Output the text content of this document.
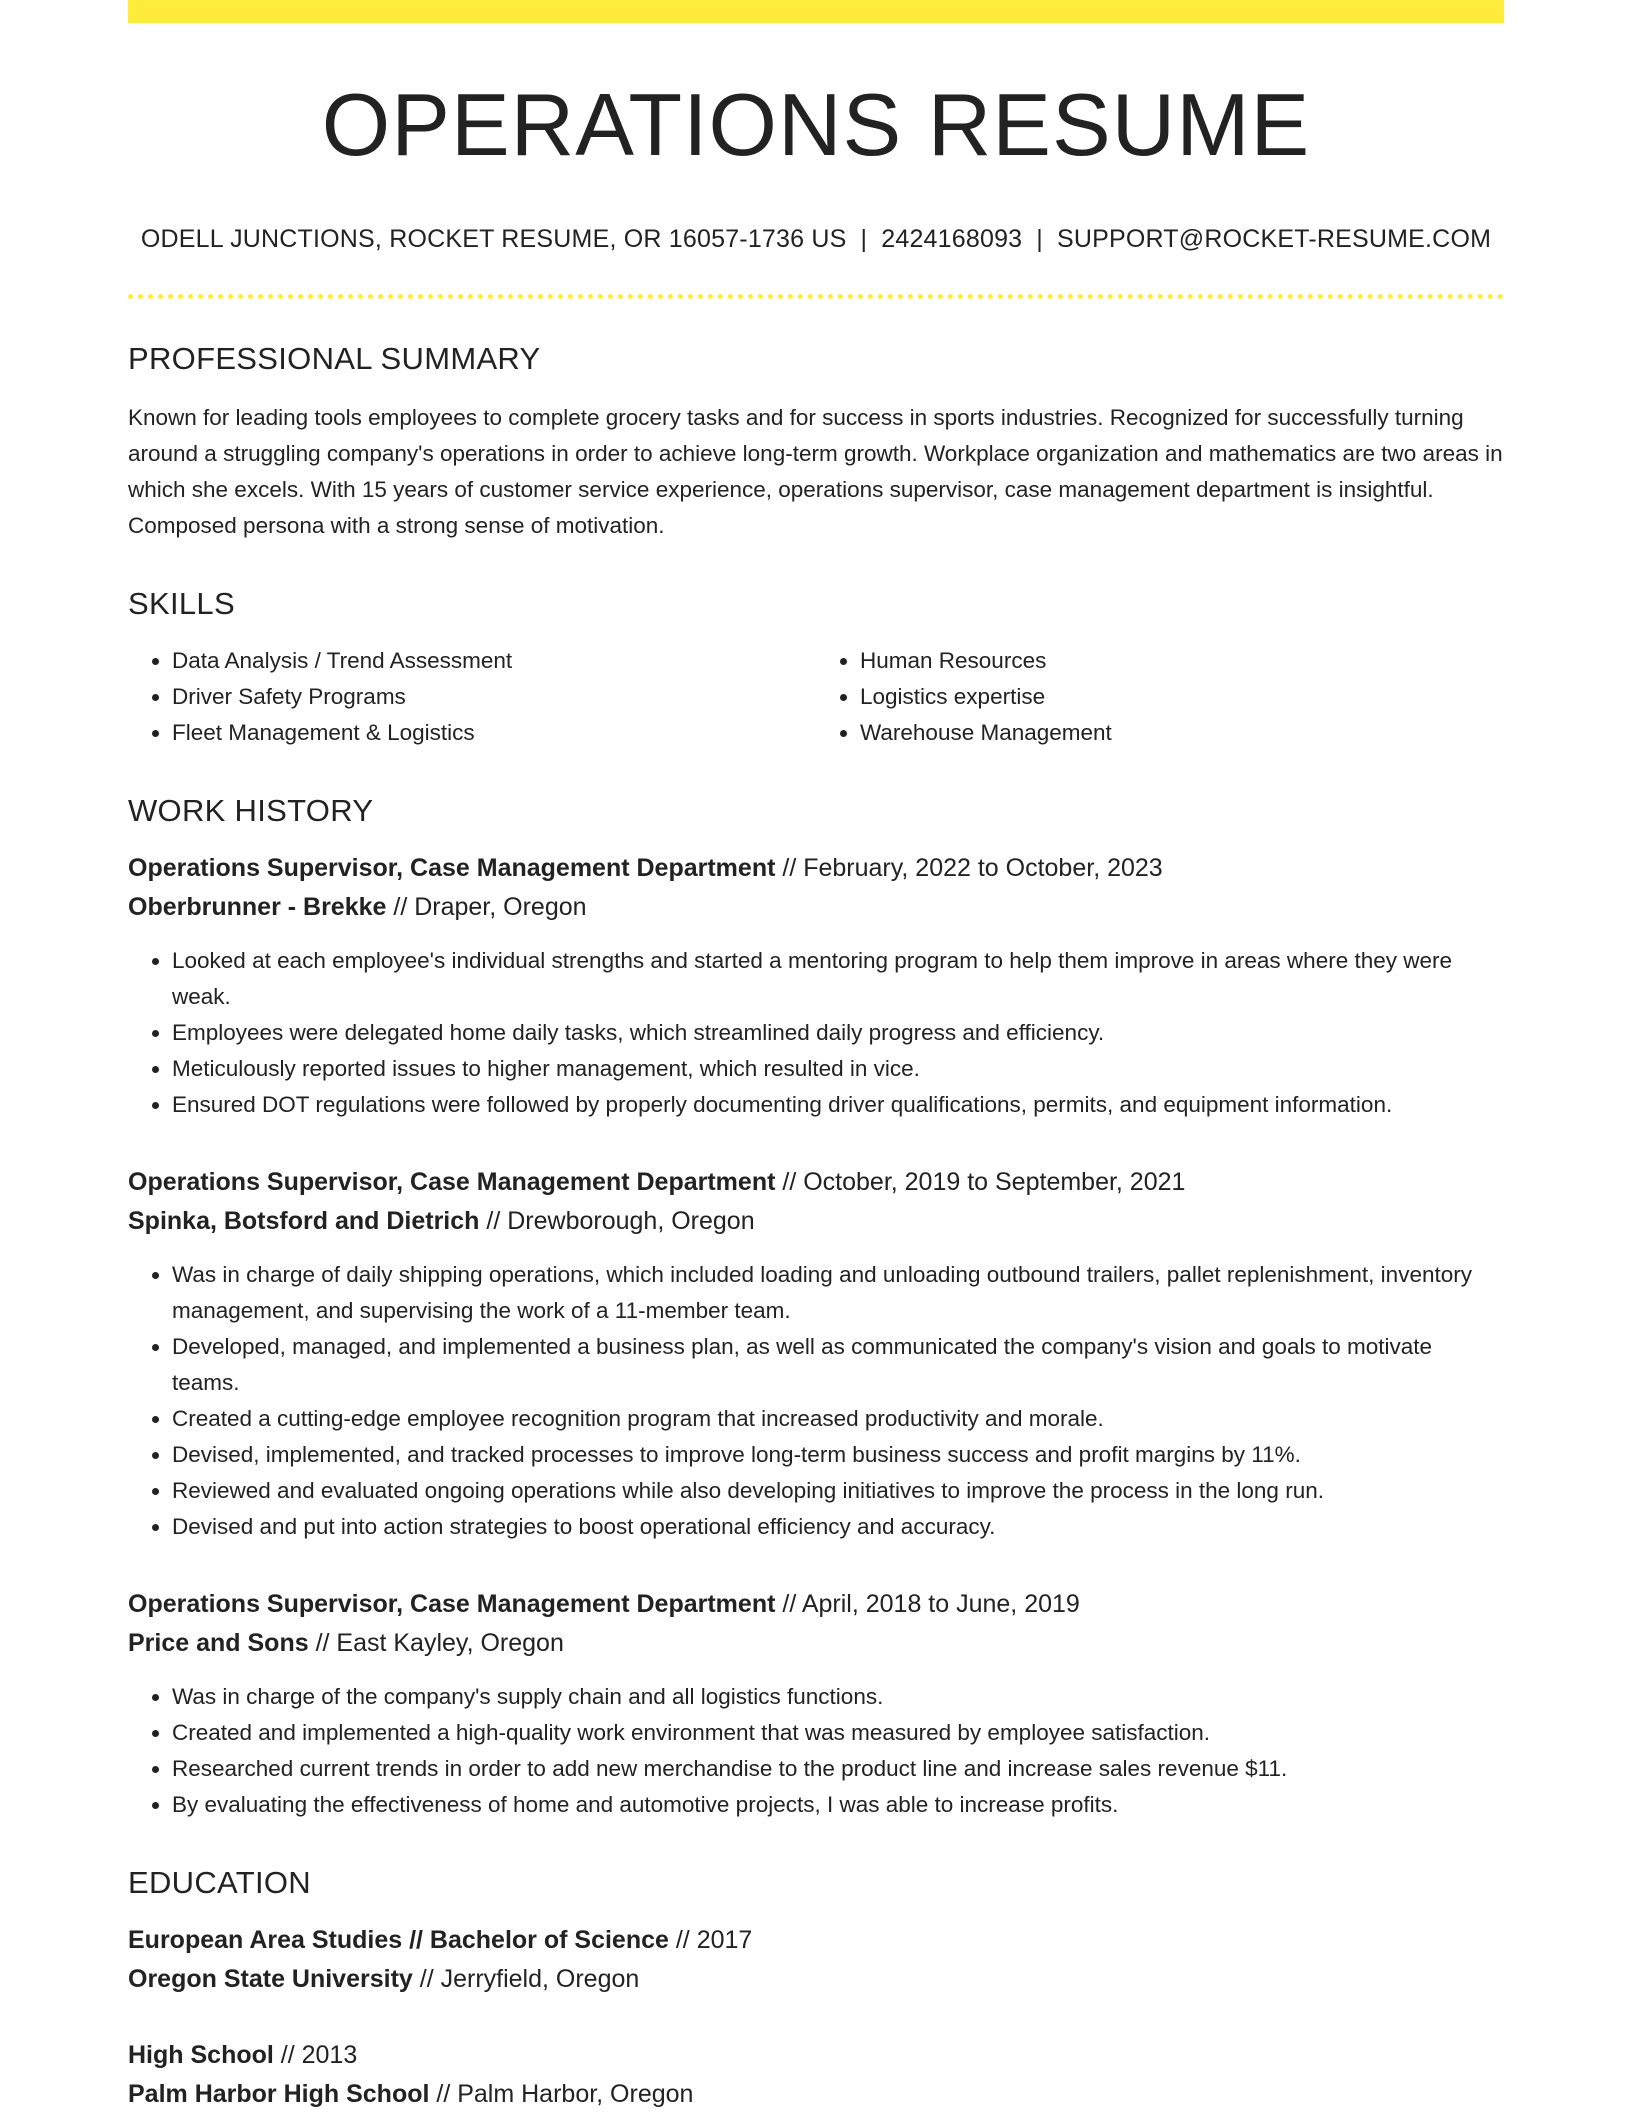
OPERATIONS RESUME
ODELL JUNCTIONS, ROCKET RESUME, OR 16057-1736 US | 2424168093 | SUPPORT@ROCKET-RESUME.COM
PROFESSIONAL SUMMARY
Known for leading tools employees to complete grocery tasks and for success in sports industries. Recognized for successfully turning around a struggling company's operations in order to achieve long-term growth. Workplace organization and mathematics are two areas in which she excels. With 15 years of customer service experience, operations supervisor, case management department is insightful. Composed persona with a strong sense of motivation.
SKILLS
• Data Analysis / Trend Assessment
• Driver Safety Programs
• Fleet Management & Logistics
• Human Resources
• Logistics expertise
• Warehouse Management
WORK HISTORY
Operations Supervisor, Case Management Department // February, 2022 to October, 2023
Oberbrunner - Brekke // Draper, Oregon
• Looked at each employee's individual strengths and started a mentoring program to help them improve in areas where they were weak.
• Employees were delegated home daily tasks, which streamlined daily progress and efficiency.
• Meticulously reported issues to higher management, which resulted in vice.
• Ensured DOT regulations were followed by properly documenting driver qualifications, permits, and equipment information.
Operations Supervisor, Case Management Department // October, 2019 to September, 2021
Spinka, Botsford and Dietrich // Drewborough, Oregon
• Was in charge of daily shipping operations, which included loading and unloading outbound trailers, pallet replenishment, inventory management, and supervising the work of a 11-member team.
• Developed, managed, and implemented a business plan, as well as communicated the company's vision and goals to motivate teams.
• Created a cutting-edge employee recognition program that increased productivity and morale.
• Devised, implemented, and tracked processes to improve long-term business success and profit margins by 11%.
• Reviewed and evaluated ongoing operations while also developing initiatives to improve the process in the long run.
• Devised and put into action strategies to boost operational efficiency and accuracy.
Operations Supervisor, Case Management Department // April, 2018 to June, 2019
Price and Sons // East Kayley, Oregon
• Was in charge of the company's supply chain and all logistics functions.
• Created and implemented a high-quality work environment that was measured by employee satisfaction.
• Researched current trends in order to add new merchandise to the product line and increase sales revenue $11.
• By evaluating the effectiveness of home and automotive projects, I was able to increase profits.
EDUCATION
European Area Studies // Bachelor of Science // 2017
Oregon State University // Jerryfield, Oregon
High School // 2013
Palm Harbor High School // Palm Harbor, Oregon
